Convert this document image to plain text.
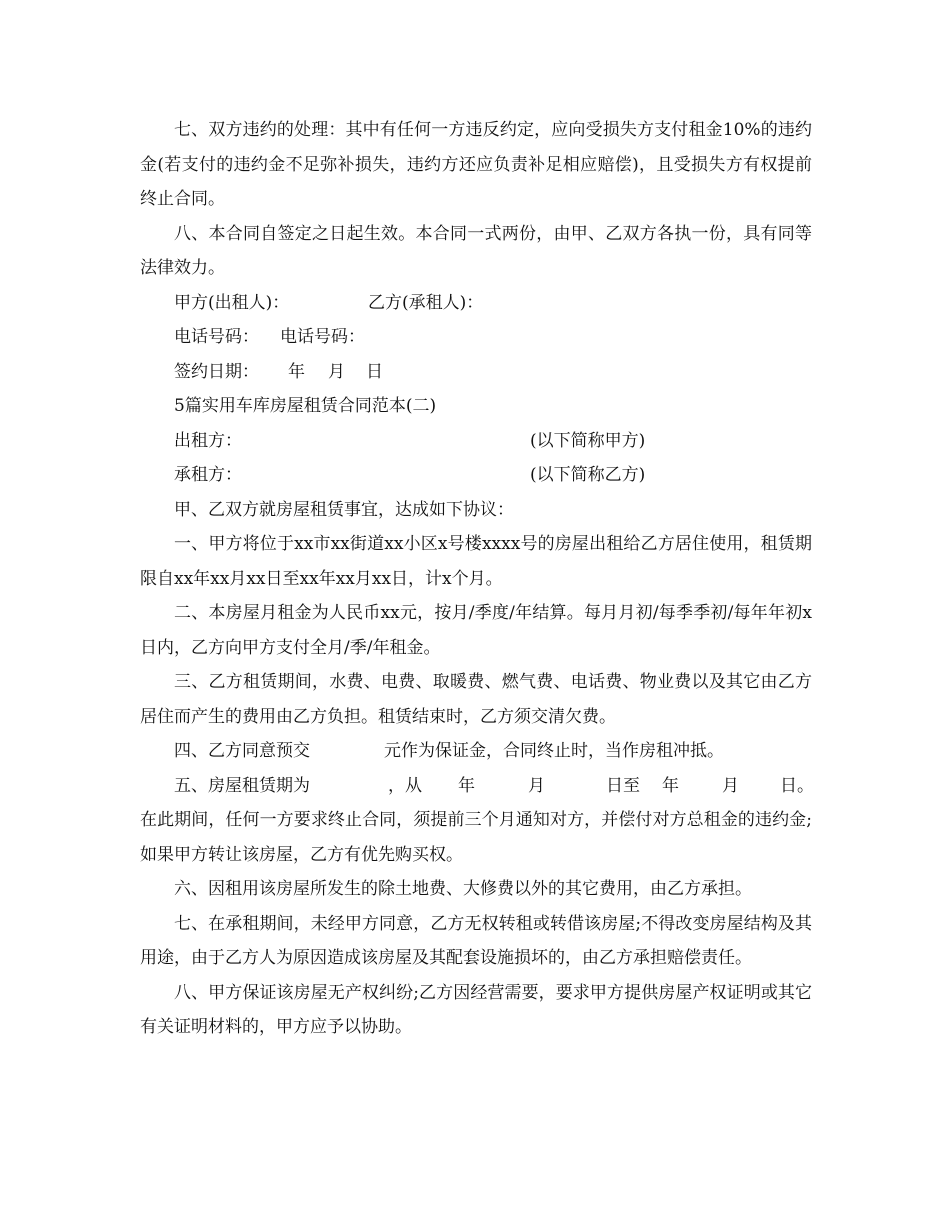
七、双方违约的处理：其中有任何一方违反约定，应向受损失方支付租金10%的违约金(若支付的违约金不足弥补损失，违约方还应负责补足相应赔偿)，且受损失方有权提前终止合同。

八、本合同自签定之日起生效。本合同一式两份，由甲、乙双方各执一份，具有同等法律效力。

甲方(出租人)：

	乙方(承租人)：

电话号码：

电话号码：

签约日期：

年

月

日

5篇实用车库房屋租赁合同范本(二)

出租方：

	(以下简称甲方)

承租方：

	(以下简称乙方)

甲、乙双方就房屋租赁事宜，达成如下协议：

一、甲方将位于xx市xx街道xx小区x号楼xxxx号的房屋出租给乙方居住使用，租赁期限自xx年xx月xx日至xx年xx月xx日，计x个月。

二、本房屋月租金为人民币xx元，按月/季度/年结算。每月月初/每季季初/每年年初x日内，乙方向甲方支付全月/季/年租金。

三、乙方租赁期间，水费、电费、取暖费、燃气费、电话费、物业费以及其它由乙方居住而产生的费用由乙方负担。租赁结束时，乙方须交清欠费。

四、乙方同意预交

	元作为保证金，合同终止时，当作房租冲抵。

五、房屋租赁期为

	，从

年

	月

	日至

年

	月

日。

在此期间，任何一方要求终止合同，须提前三个月通知对方，并偿付对方总租金的违约金;如果甲方转让该房屋，乙方有优先购买权。

六、因租用该房屋所发生的除土地费、大修费以外的其它费用，由乙方承担。

七、在承租期间，未经甲方同意，乙方无权转租或转借该房屋;不得改变房屋结构及其用途，由于乙方人为原因造成该房屋及其配套设施损坏的，由乙方承担赔偿责任。

八、甲方保证该房屋无产权纠纷;乙方因经营需要，要求甲方提供房屋产权证明或其它有关证明材料的，甲方应予以协助。
